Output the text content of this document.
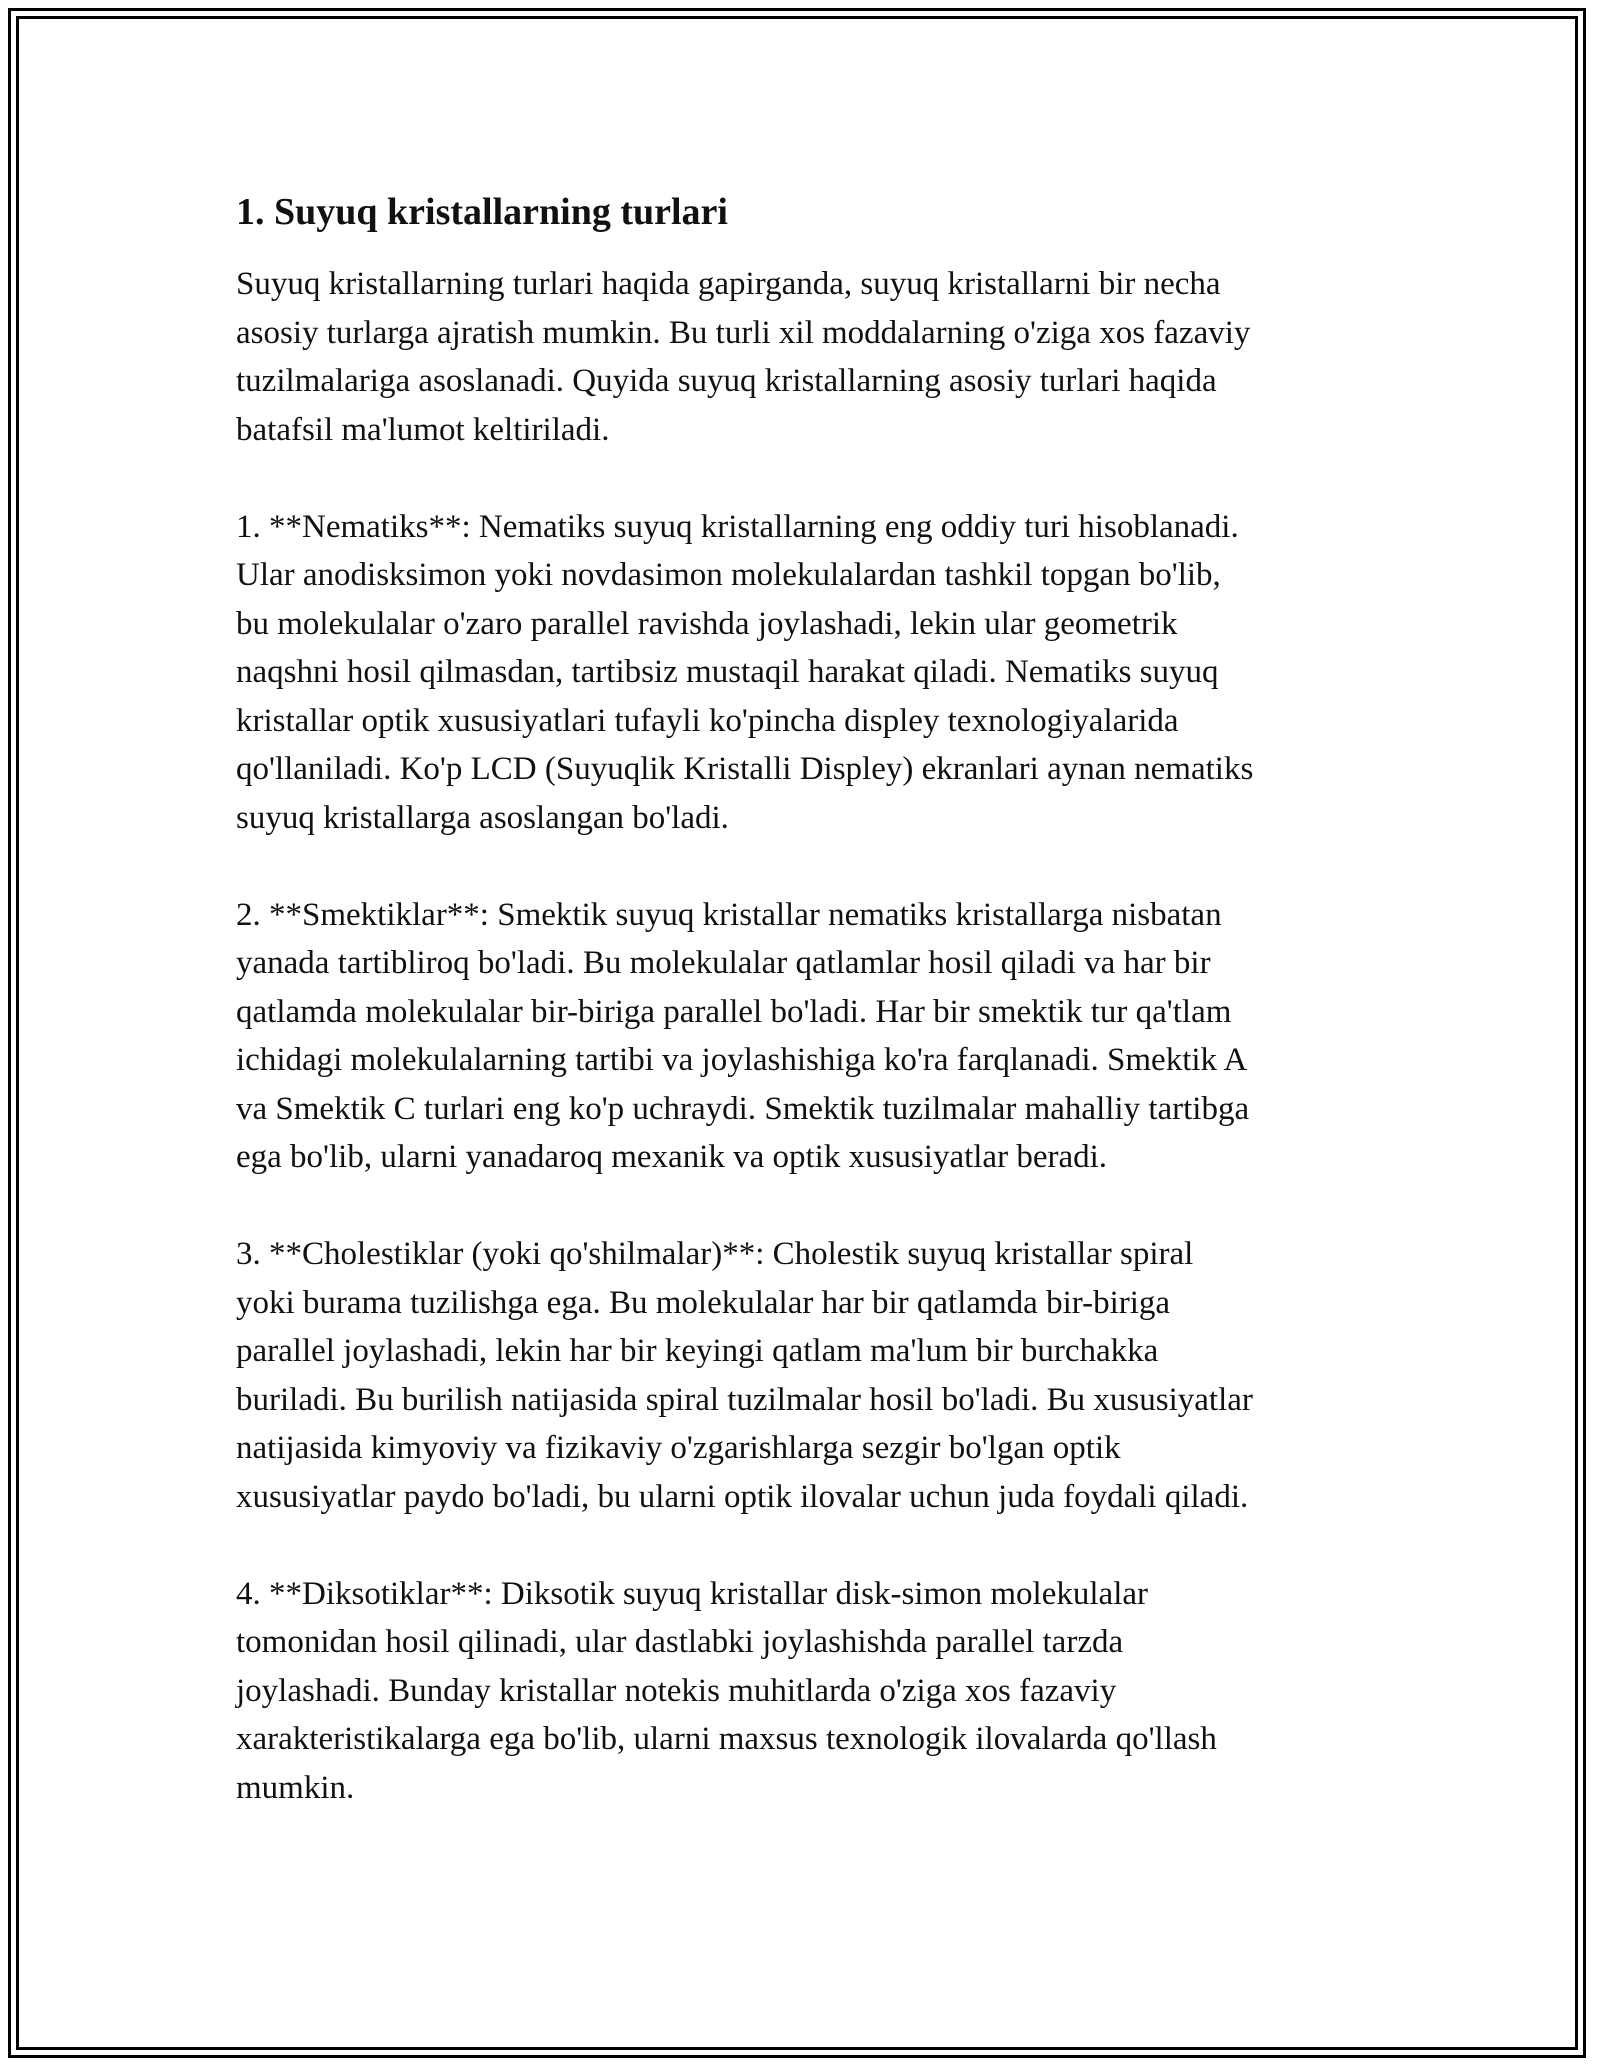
1. Suyuq kristallarning turlari

Suyuq kristallarning turlari haqida gapirganda, suyuq kristallarni bir necha
asosiy turlarga ajratish mumkin. Bu turli xil moddalarning o'ziga xos fazaviy
tuzilmalariga asoslanadi. Quyida suyuq kristallarning asosiy turlari haqida
batafsil ma'lumot keltiriladi.

1. **Nematiks**: Nematiks suyuq kristallarning eng oddiy turi hisoblanadi.
Ular anodisksimon yoki novdasimon molekulalardan tashkil topgan bo'lib,
bu molekulalar o'zaro parallel ravishda joylashadi, lekin ular geometrik
naqshni hosil qilmasdan, tartibsiz mustaqil harakat qiladi. Nematiks suyuq
kristallar optik xususiyatlari tufayli ko'pincha displey texnologiyalarida
qo'llaniladi. Ko'p LCD (Suyuqlik Kristalli Displey) ekranlari aynan nematiks
suyuq kristallarga asoslangan bo'ladi.

2. **Smektiklar**: Smektik suyuq kristallar nematiks kristallarga nisbatan
yanada tartibliroq bo'ladi. Bu molekulalar qatlamlar hosil qiladi va har bir
qatlamda molekulalar bir-biriga parallel bo'ladi. Har bir smektik tur qa'tlam
ichidagi molekulalarning tartibi va joylashishiga ko'ra farqlanadi. Smektik A
va Smektik C turlari eng ko'p uchraydi. Smektik tuzilmalar mahalliy tartibga
ega bo'lib, ularni yanadaroq mexanik va optik xususiyatlar beradi.

3. **Cholestiklar (yoki qo'shilmalar)**: Cholestik suyuq kristallar spiral
yoki burama tuzilishga ega. Bu molekulalar har bir qatlamda bir-biriga
parallel joylashadi, lekin har bir keyingi qatlam ma'lum bir burchakka
buriladi. Bu burilish natijasida spiral tuzilmalar hosil bo'ladi. Bu xususiyatlar
natijasida kimyoviy va fizikaviy o'zgarishlarga sezgir bo'lgan optik
xususiyatlar paydo bo'ladi, bu ularni optik ilovalar uchun juda foydali qiladi.

4. **Diksotiklar**: Diksotik suyuq kristallar disk-simon molekulalar
tomonidan hosil qilinadi, ular dastlabki joylashishda parallel tarzda
joylashadi. Bunday kristallar notekis muhitlarda o'ziga xos fazaviy
xarakteristikalarga ega bo'lib, ularni maxsus texnologik ilovalarda qo'llash
mumkin.
